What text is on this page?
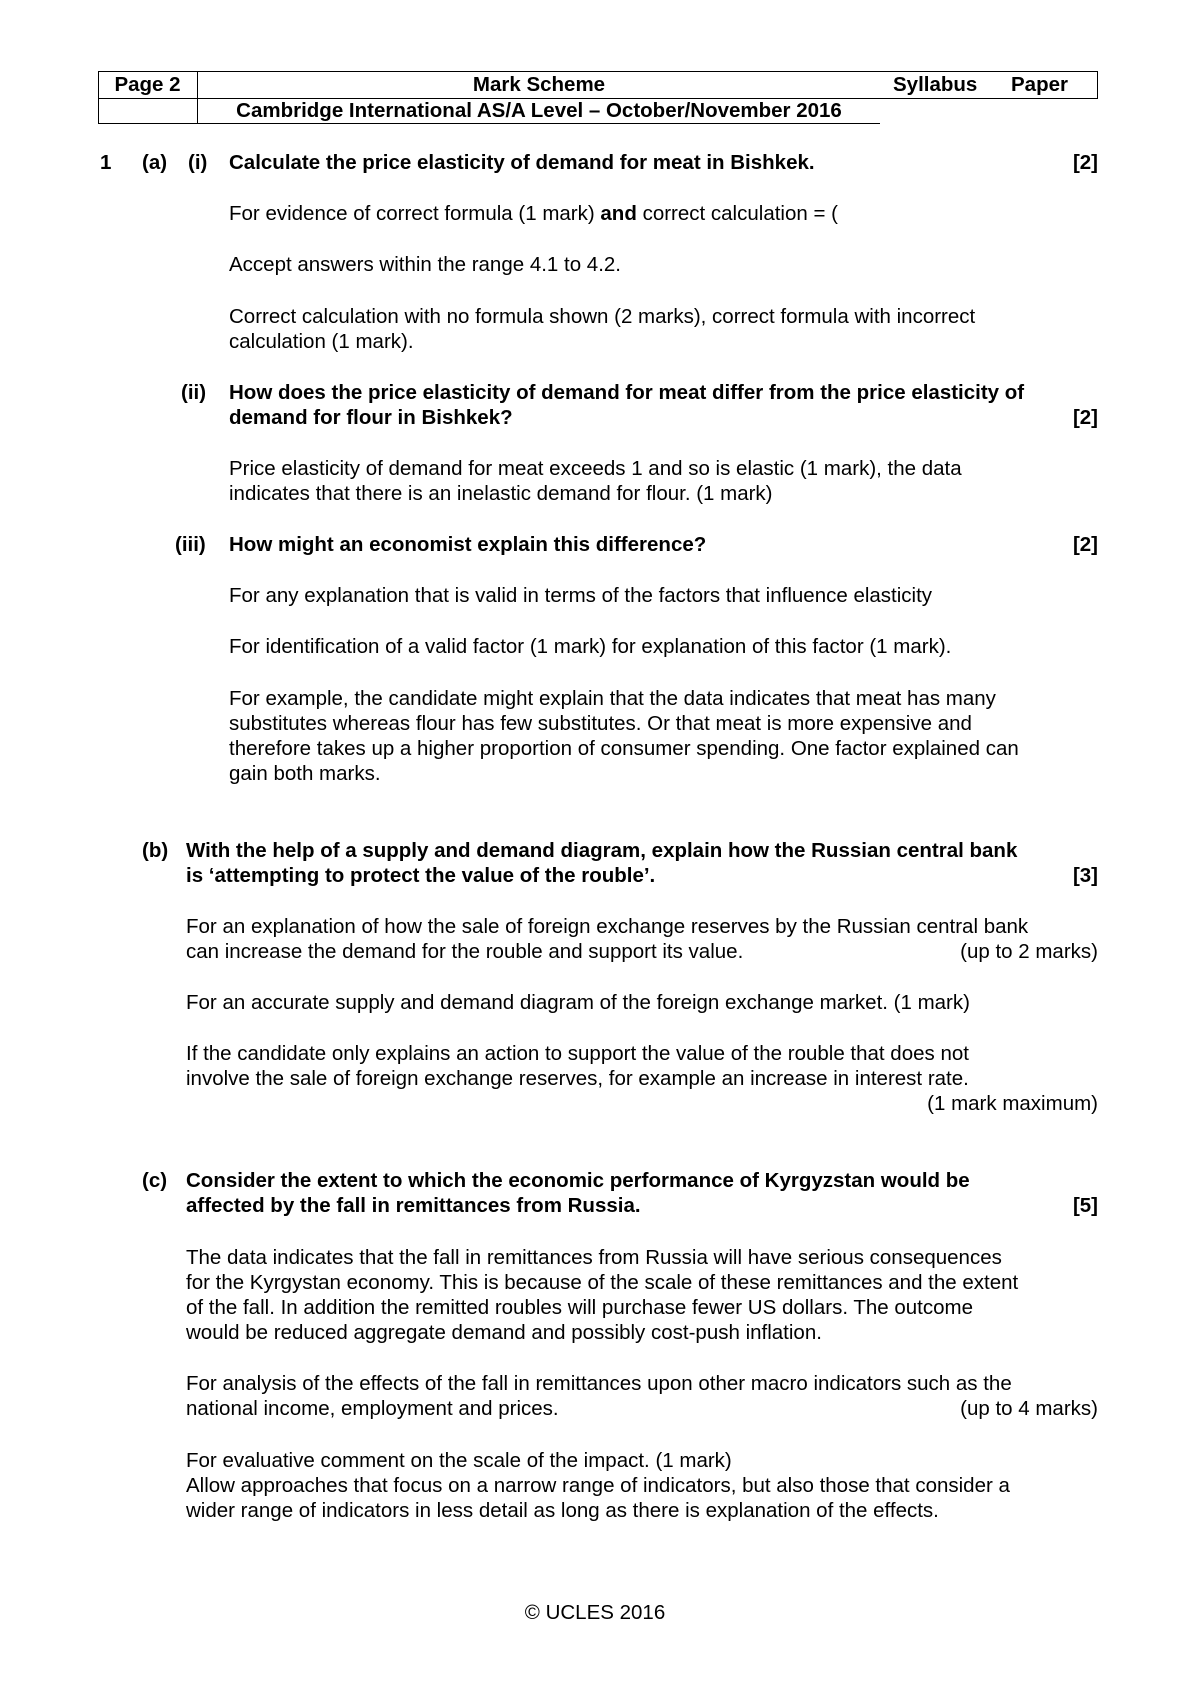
Page 2	Mark Scheme	Syllabus Paper
Cambridge International AS/A Level – October/November 2016
1 (a) (i) Calculate the price elasticity of demand for meat in Bishkek.	[2]
For evidence of correct formula (1 mark) and correct calculation = (
Accept answers within the range 4.1 to 4.2.
Correct calculation with no formula shown (2 marks), correct formula with incorrect
calculation (1 mark).
(ii) How does the price elasticity of demand for meat differ from the price elasticity of
demand for flour in Bishkek?	[2]
Price elasticity of demand for meat exceeds 1 and so is elastic (1 mark), the data
indicates that there is an inelastic demand for flour. (1 mark)
(iii) How might an economist explain this difference?	[2]
For any explanation that is valid in terms of the factors that influence elasticity
For identification of a valid factor (1 mark) for explanation of this factor (1 mark).
For example, the candidate might explain that the data indicates that meat has many
substitutes whereas flour has few substitutes. Or that meat is more expensive and
therefore takes up a higher proportion of consumer spending. One factor explained can
gain both marks.
(b) With the help of a supply and demand diagram, explain how the Russian central bank
is ‘attempting to protect the value of the rouble’.	[3]
For an explanation of how the sale of foreign exchange reserves by the Russian central bank
can increase the demand for the rouble and support its value.	(up to 2 marks)
For an accurate supply and demand diagram of the foreign exchange market. (1 mark)
If the candidate only explains an action to support the value of the rouble that does not
involve the sale of foreign exchange reserves, for example an increase in interest rate.
(1 mark maximum)
(c) Consider the extent to which the economic performance of Kyrgyzstan would be
affected by the fall in remittances from Russia.	[5]
The data indicates that the fall in remittances from Russia will have serious consequences
for the Kyrgystan economy. This is because of the scale of these remittances and the extent
of the fall. In addition the remitted roubles will purchase fewer US dollars. The outcome
would be reduced aggregate demand and possibly cost-push inflation.
For analysis of the effects of the fall in remittances upon other macro indicators such as the
national income, employment and prices.	(up to 4 marks)
For evaluative comment on the scale of the impact. (1 mark)
Allow approaches that focus on a narrow range of indicators, but also those that consider a
wider range of indicators in less detail as long as there is explanation of the effects.
© UCLES 2016
